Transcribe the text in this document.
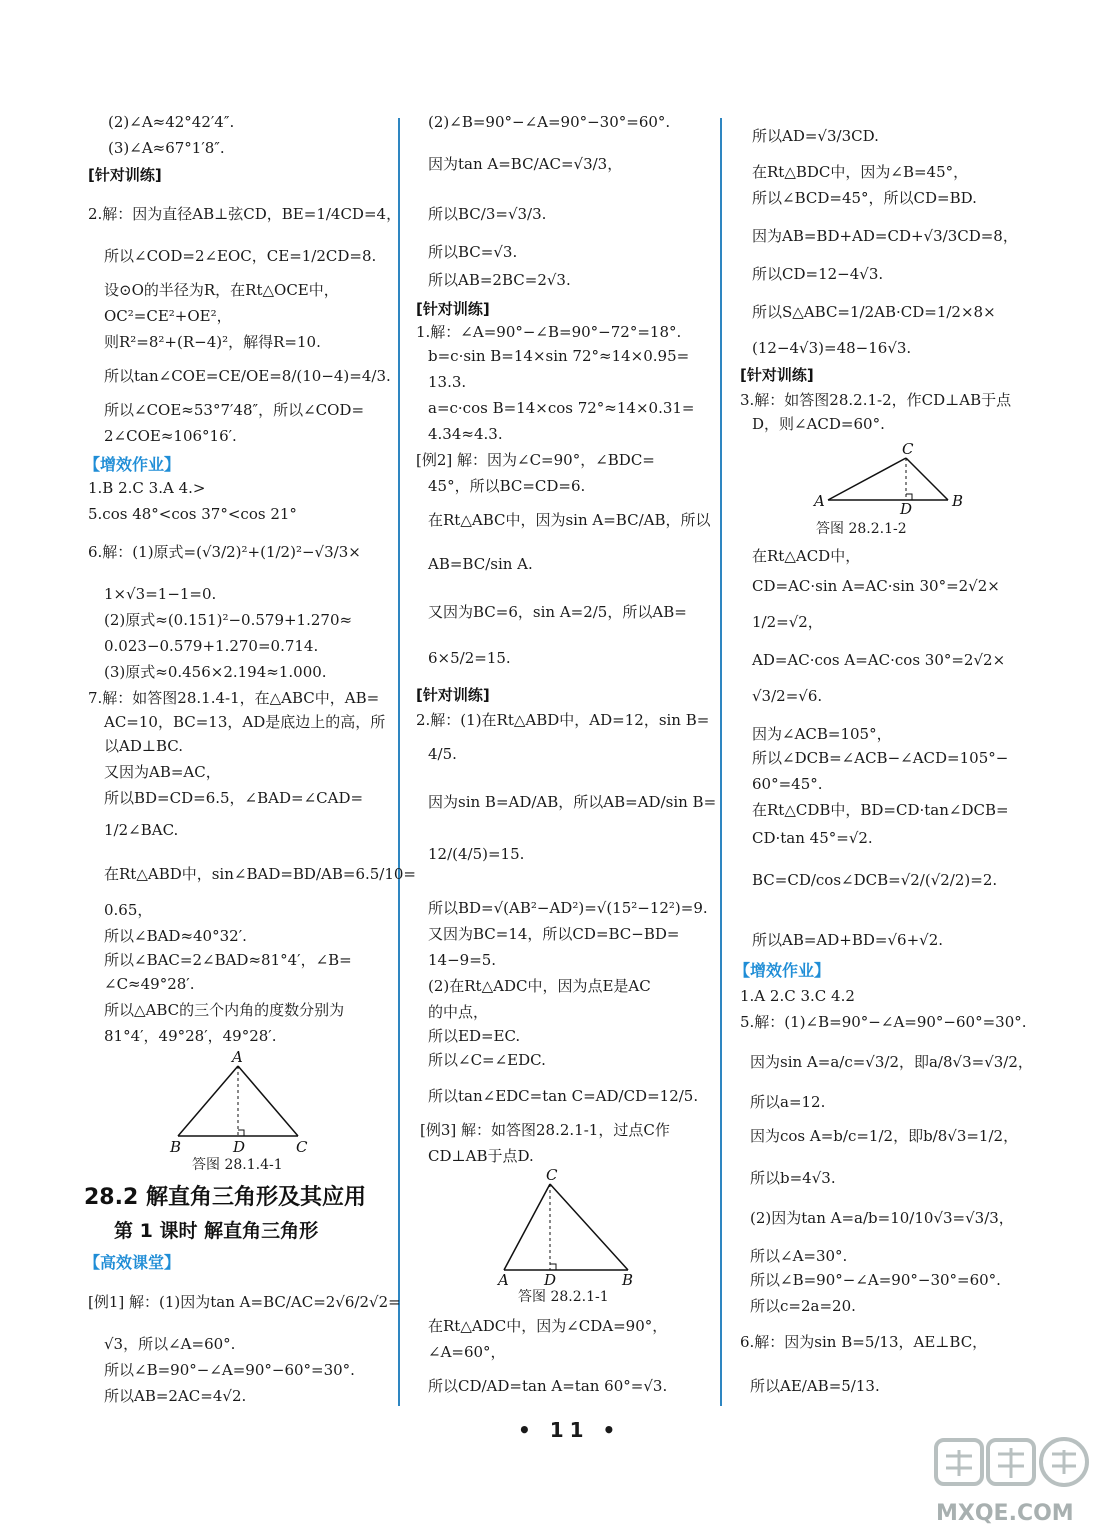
(2)∠A≈42°42′4″.
(3)∠A≈67°1′8″.
[针对训练]
2.解：因为直径AB⊥弦CD，BE=1/4CD=4，
所以∠COD=2∠EOC，CE=1/2CD=8.
设⊙O的半径为R，在Rt△OCE中，
OC²=CE²+OE²，
则R²=8²+(R−4)²，解得R=10.
所以tan∠COE=CE/OE=8/(10−4)=4/3.
所以∠COE≈53°7′48″，所以∠COD=
2∠COE≈106°16′.
【增效作业】
1.B 2.C 3.A 4.>
5.cos 48°<cos 37°<cos 21°
6.解：(1)原式=(√3/2)²+(1/2)²−√3/3×
1×√3=1−1=0.
(2)原式≈(0.151)²−0.579+1.270≈
0.023−0.579+1.270=0.714.
(3)原式≈0.456×2.194≈1.000.
7.解：如答图28.1.4-1，在△ABC中，AB=
AC=10，BC=13，AD是底边上的高，所
以AD⊥BC.
又因为AB=AC，
所以BD=CD=6.5，∠BAD=∠CAD=
1/2∠BAC.
在Rt△ABD中，sin∠BAD=BD/AB=6.5/10=
0.65，
所以∠BAD≈40°32′.
所以∠BAC=2∠BAD≈81°4′，∠B=
∠C≈49°28′.
所以△ABC的三个内角的度数分别为
81°4′，49°28′，49°28′.
A
B	D	C
答图 28.1.4-1
28.2 解直角三角形及其应用
第 1 课时 解直角三角形
【高效课堂】
[例1] 解：(1)因为tan A=BC/AC=2√6/2√2=
√3，所以∠A=60°.
所以∠B=90°−∠A=90°−60°=30°.
所以AB=2AC=4√2.
(2)∠B=90°−∠A=90°−30°=60°.
因为tan A=BC/AC=√3/3，
所以BC/3=√3/3.
所以BC=√3.
所以AB=2BC=2√3.
[针对训练]
1.解：∠A=90°−∠B=90°−72°=18°.
b=c·sin B=14×sin 72°≈14×0.95=
13.3.
a=c·cos B=14×cos 72°≈14×0.31=
4.34≈4.3.
[例2] 解：因为∠C=90°，∠BDC=
45°，所以BC=CD=6.
在Rt△ABC中，因为sin A=BC/AB，所以
AB=BC/sin A.
又因为BC=6，sin A=2/5，所以AB=
6×5/2=15.
[针对训练]
2.解：(1)在Rt△ABD中，AD=12，sin B=
4/5.
因为sin B=AD/AB，所以AB=AD/sin B=
12/(4/5)=15.
所以BD=√(AB²−AD²)=√(15²−12²)=9.
又因为BC=14，所以CD=BC−BD=
14−9=5.
(2)在Rt△ADC中，因为点E是AC
的中点，
所以ED=EC.
所以∠C=∠EDC.
所以tan∠EDC=tan C=AD/CD=12/5.
[例3] 解：如答图28.2.1-1，过点C作
CD⊥AB于点D.
C
A D	B
答图 28.2.1-1
在Rt△ADC中，因为∠CDA=90°，
∠A=60°，
所以CD/AD=tan A=tan 60°=√3.
所以AD=√3/3CD.
在Rt△BDC中，因为∠B=45°，
所以∠BCD=45°，所以CD=BD.
因为AB=BD+AD=CD+√3/3CD=8，
所以CD=12−4√3.
所以S△ABC=1/2AB·CD=1/2×8×
(12−4√3)=48−16√3.
[针对训练]
3.解：如答图28.2.1-2，作CD⊥AB于点
D，则∠ACD=60°.
C
A	D	B
答图 28.2.1-2
在Rt△ACD中，
CD=AC·sin A=AC·sin 30°=2√2×
1/2=√2，
AD=AC·cos A=AC·cos 30°=2√2×
√3/2=√6.
因为∠ACB=105°，
所以∠DCB=∠ACB−∠ACD=105°−
60°=45°.
在Rt△CDB中，BD=CD·tan∠DCB=
CD·tan 45°=√2.
BC=CD/cos∠DCB=√2/(√2/2)=2.
所以AB=AD+BD=√6+√2.
【增效作业】
1.A 2.C 3.C 4.2
5.解：(1)∠B=90°−∠A=90°−60°=30°.
因为sin A=a/c=√3/2，即a/8√3=√3/2，
所以a=12.
因为cos A=b/c=1/2，即b/8√3=1/2，
所以b=4√3.
(2)因为tan A=a/b=10/10√3=√3/3，
所以∠A=30°.
所以∠B=90°−∠A=90°−30°=60°.
所以c=2a=20.
6.解：因为sin B=5/13，AE⊥BC，
所以AE/AB=5/13.
• 11 •
MXQE.COM
